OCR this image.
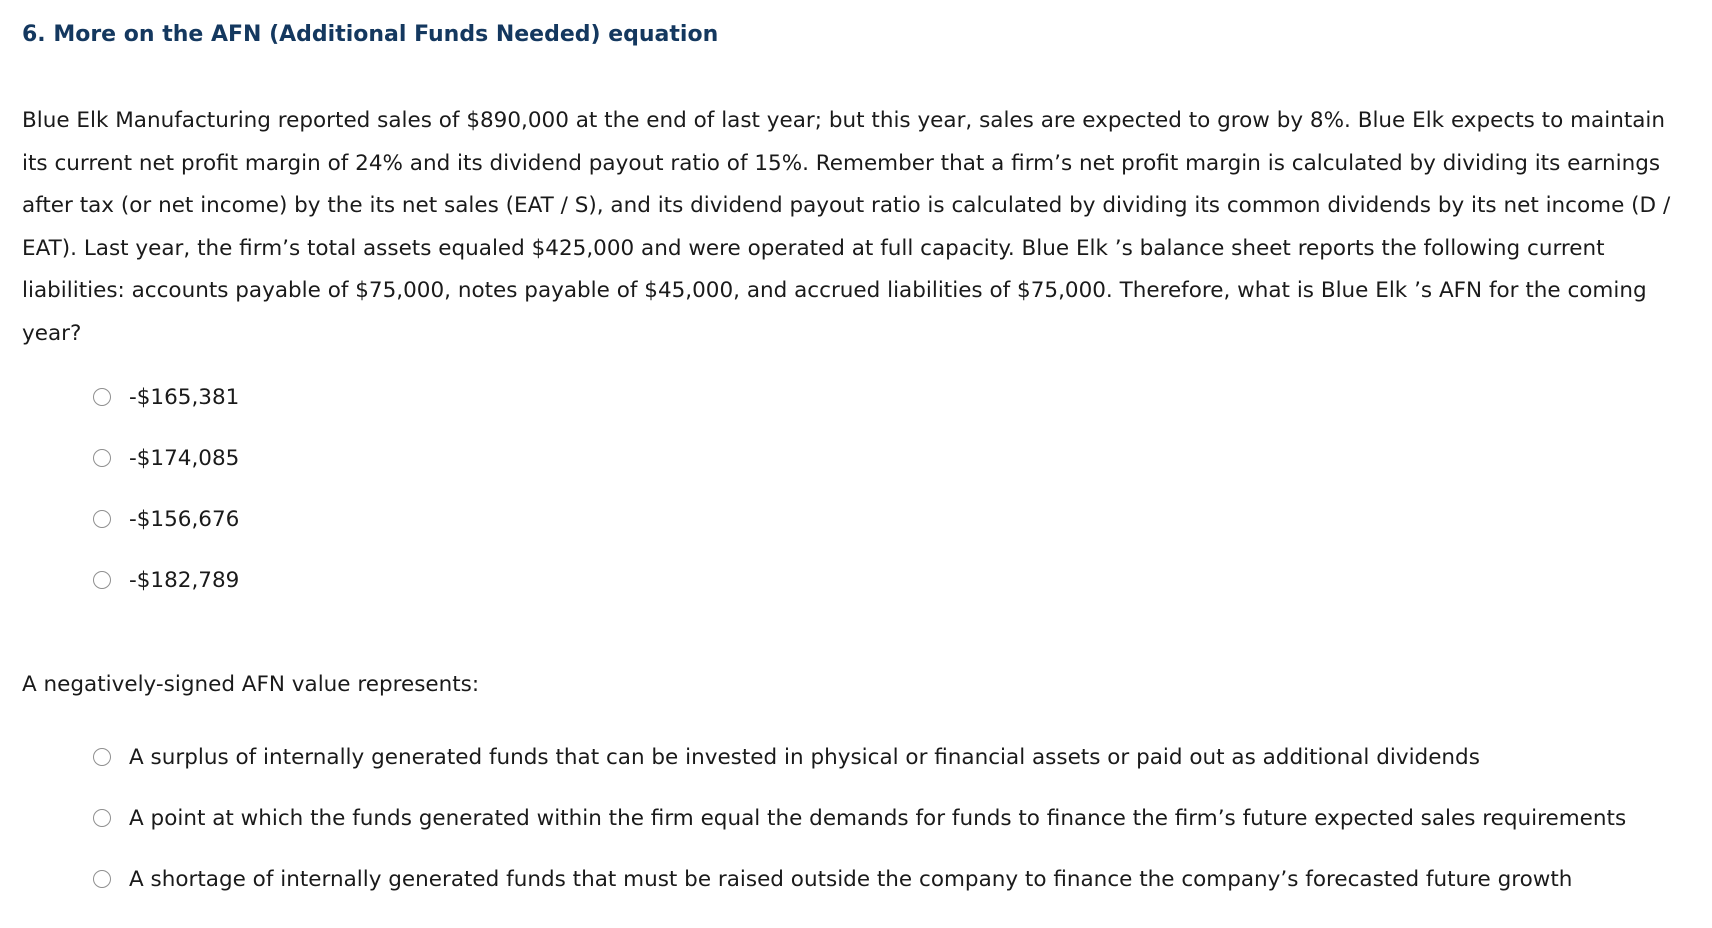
6. More on the AFN (Additional Funds Needed) equation

Blue Elk Manufacturing reported sales of $890,000 at the end of last year; but this year, sales are expected to grow by 8%. Blue Elk expects to maintain its current net profit margin of 24% and its dividend payout ratio of 15%. Remember that a firm’s net profit margin is calculated by dividing its earnings after tax (or net income) by the its net sales (EAT / S), and its dividend payout ratio is calculated by dividing its common dividends by its net income (D / EAT). Last year, the firm’s total assets equaled $425,000 and were operated at full capacity. Blue Elk ’s balance sheet reports the following current liabilities: accounts payable of $75,000, notes payable of $45,000, and accrued liabilities of $75,000. Therefore, what is Blue Elk ’s AFN for the coming year?

-$165,381
-$174,085
-$156,676
-$182,789
A negatively-signed AFN value represents:
A surplus of internally generated funds that can be invested in physical or financial assets or paid out as additional dividends
A point at which the funds generated within the firm equal the demands for funds to finance the firm’s future expected sales requirements
A shortage of internally generated funds that must be raised outside the company to finance the company’s forecasted future growth
